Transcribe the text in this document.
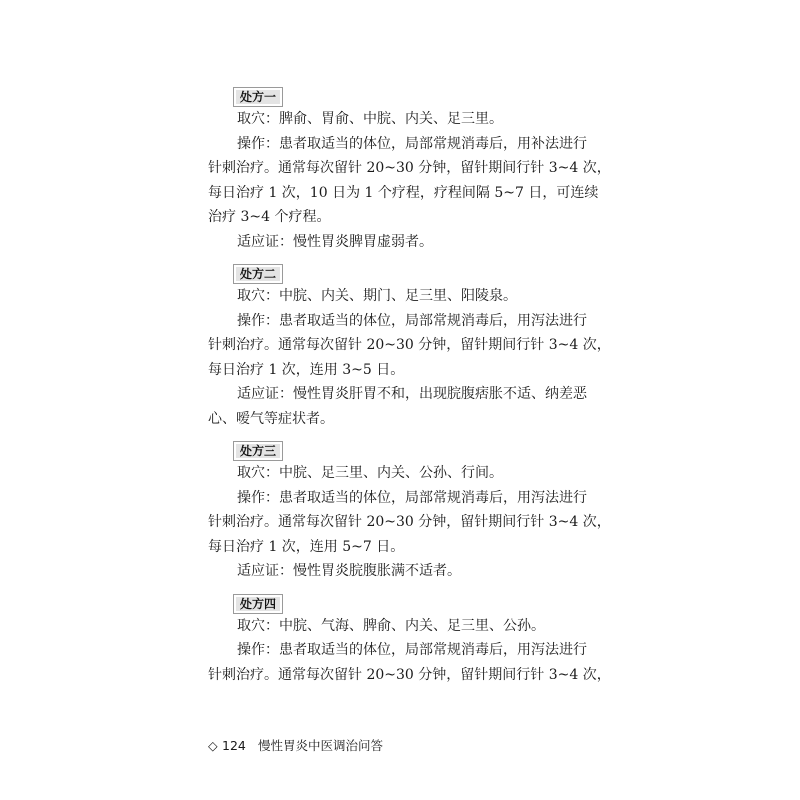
处方一

取穴：脾俞、胃俞、中脘、内关、足三里。

操作：患者取适当的体位，局部常规消毒后，用补法进行

针刺治疗。通常每次留针 20~30 分钟，留针期间行针 3~4 次，

每日治疗 1 次，10 日为 1 个疗程，疗程间隔 5~7 日，可连续

治疗 3~4 个疗程。

适应证：慢性胃炎脾胃虚弱者。

处方二

取穴：中脘、内关、期门、足三里、阳陵泉。

操作：患者取适当的体位，局部常规消毒后，用泻法进行

针刺治疗。通常每次留针 20~30 分钟，留针期间行针 3~4 次，

每日治疗 1 次，连用 3~5 日。

适应证：慢性胃炎肝胃不和，出现脘腹痞胀不适、纳差恶

心、嗳气等症状者。

处方三

取穴：中脘、足三里、内关、公孙、行间。

操作：患者取适当的体位，局部常规消毒后，用泻法进行

针刺治疗。通常每次留针 20~30 分钟，留针期间行针 3~4 次，

每日治疗 1 次，连用 5~7 日。

适应证：慢性胃炎脘腹胀满不适者。

处方四

取穴：中脘、气海、脾俞、内关、足三里、公孙。

操作：患者取适当的体位，局部常规消毒后，用泻法进行

针刺治疗。通常每次留针 20~30 分钟，留针期间行针 3~4 次，

◇ 124 慢性胃炎中医调治问答
